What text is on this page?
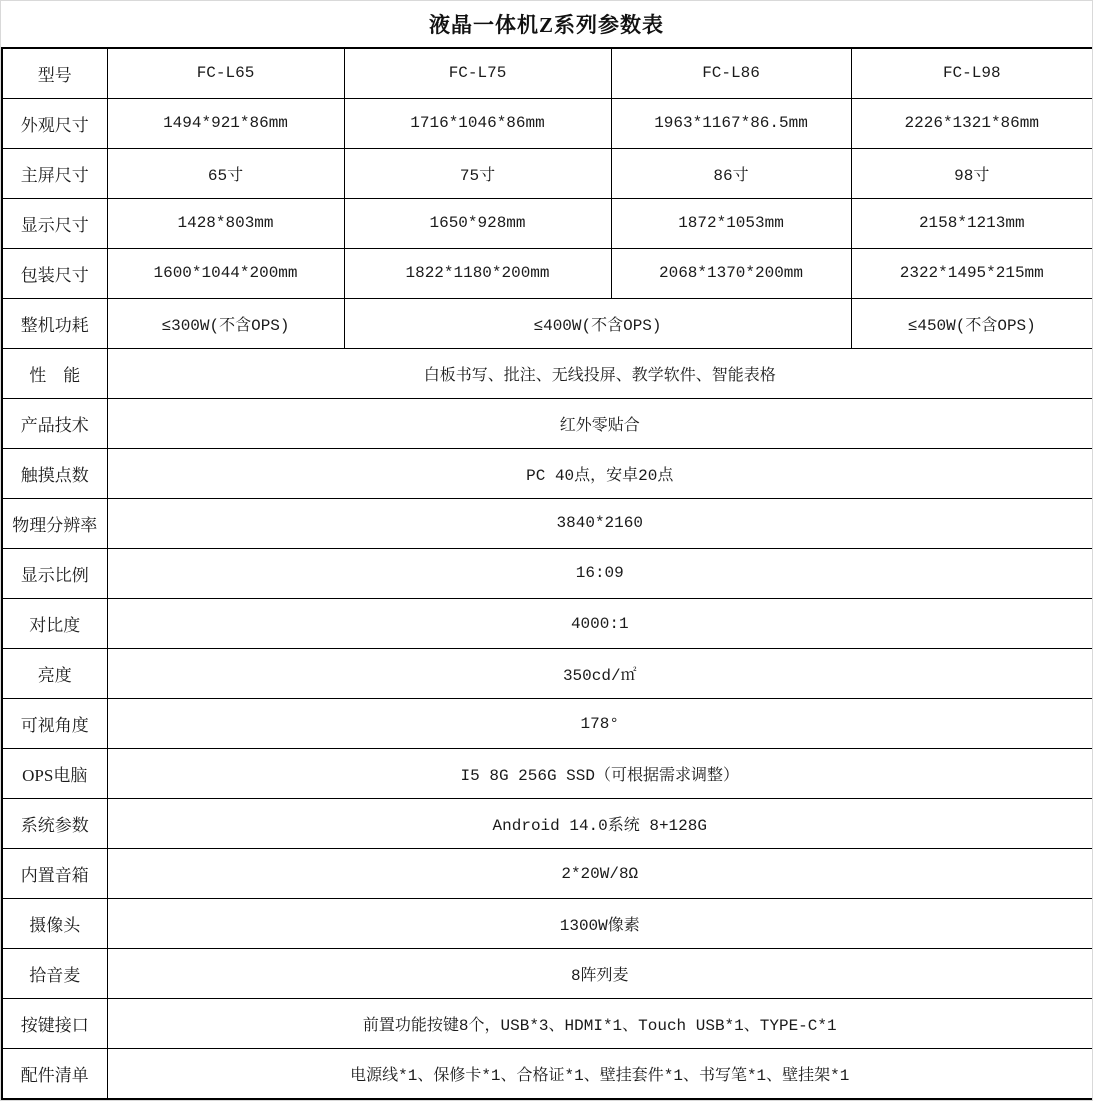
液晶一体机Z系列参数表
型号	FC-L65	FC-L75	FC-L86	FC-L98
外观尺寸	1494*921*86mm	1716*1046*86mm	1963*1167*86.5mm	2226*1321*86mm
主屏尺寸	65寸	75寸	86寸	98寸
显示尺寸	1428*803mm	1650*928mm	1872*1053mm	2158*1213mm
包装尺寸	1600*1044*200mm	1822*1180*200mm	2068*1370*200mm	2322*1495*215mm
整机功耗	≤300W(不含OPS)	≤400W(不含OPS)		≤450W(不含OPS)
性　能	白板书写、批注、无线投屏、教学软件、智能表格			
产品技术	红外零贴合			
触摸点数	PC 40点，安卓20点			
物理分辨率	3840*2160			
显示比例	16:09			
对比度	4000:1			
亮度	350cd/㎡			
可视角度	178°			
OPS电脑	I5 8G 256G SSD（可根据需求调整）			
系统参数	Android 14.0系统 8+128G			
内置音箱	2*20W/8Ω			
摄像头	1300W像素			
拾音麦	8阵列麦			
按键接口	前置功能按键8个，USB*3、HDMI*1、Touch USB*1、TYPE-C*1			
配件清单	电源线*1、保修卡*1、合格证*1、壁挂套件*1、书写笔*1、壁挂架*1			
